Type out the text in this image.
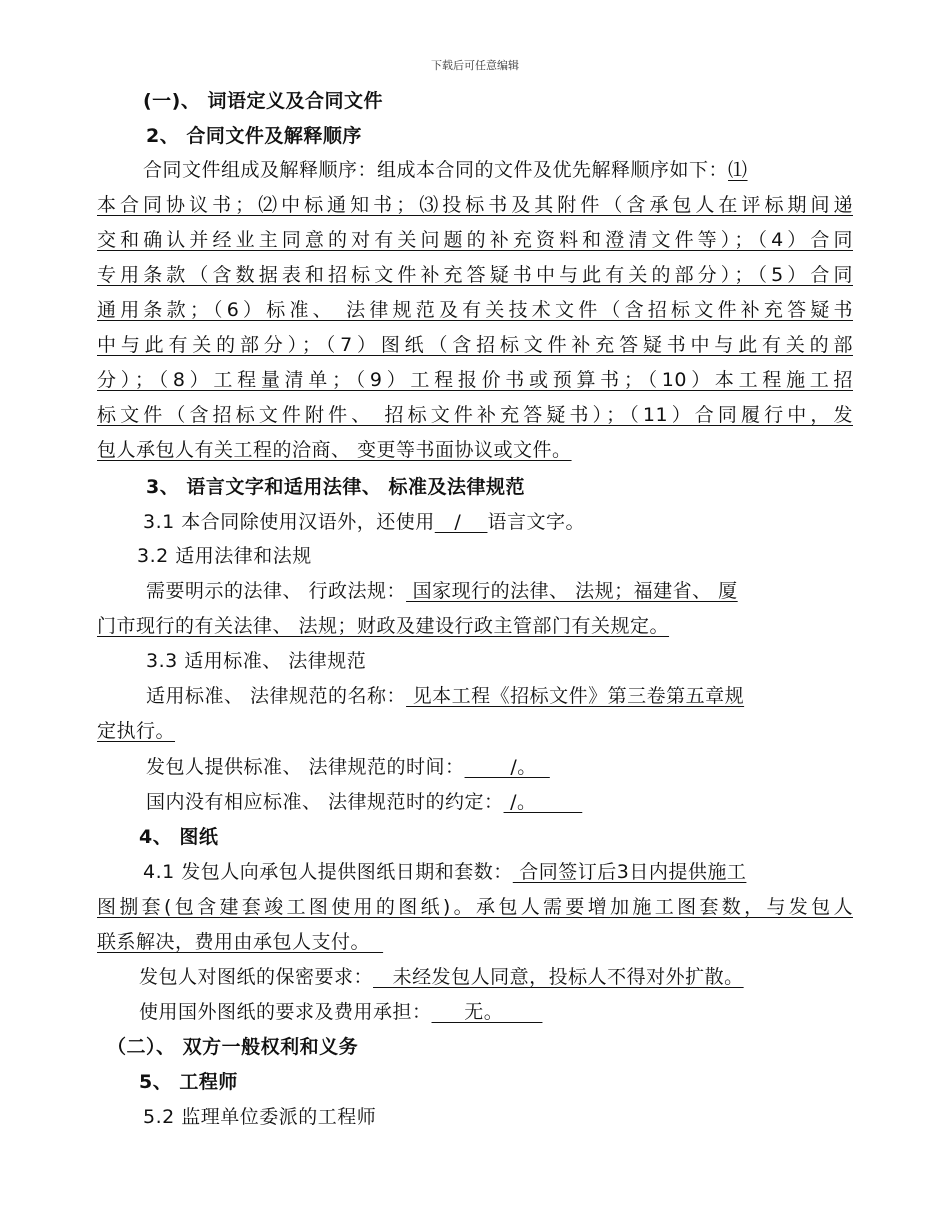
下载后可任意编辑
(一)、 词语定义及合同文件
2、 合同文件及解释顺序
合同文件组成及解释顺序：组成本合同的文件及优先解释顺序如下：⑴
本合同协议书；⑵中标通知书；⑶投标书及其附件（含承包人在评标期间递
交和确认并经业主同意的对有关问题的补充资料和澄清文件等）；（4）合同
专用条款（含数据表和招标文件补充答疑书中与此有关的部分）；（5）合同
通用条款；（6）标准、 法律规范及有关技术文件（含招标文件补充答疑书
中与此有关的部分）；（7）图纸（含招标文件补充答疑书中与此有关的部
分）；（8）工程量清单；（9）工程报价书或预算书；（10）本工程施工招
标文件（含招标文件附件、 招标文件补充答疑书）；（11）合同履行中，发
包人承包人有关工程的洽商、 变更等书面协议或文件。
3、 语言文字和适用法律、 标准及法律规范
3.1 本合同除使用汉语外，还使用   /    语言文字。
3.2 适用法律和法规
需要明示的法律、 行政法规： 国家现行的法律、 法规；福建省、 厦
门市现行的有关法律、 法规；财政及建设行政主管部门有关规定。
3.3 适用标准、 法律规范
适用标准、 法律规范的名称： 见本工程《招标文件》第三卷第五章规
定执行。
发包人提供标准、 法律规范的时间：       /。
国内没有相应标准、 法律规范时的约定： /。
4、 图纸
4.1 发包人向承包人提供图纸日期和套数： 合同签订后3日内提供施工
图捌套(包含建套竣工图使用的图纸)。承包人需要增加施工图套数，与发包人
联系解决，费用由承包人支付。
发包人对图纸的保密要求：   未经发包人同意，投标人不得对外扩散。
使用国外图纸的要求及费用承担：     无。
（二）、 双方一般权利和义务
5、 工程师
5.2 监理单位委派的工程师
